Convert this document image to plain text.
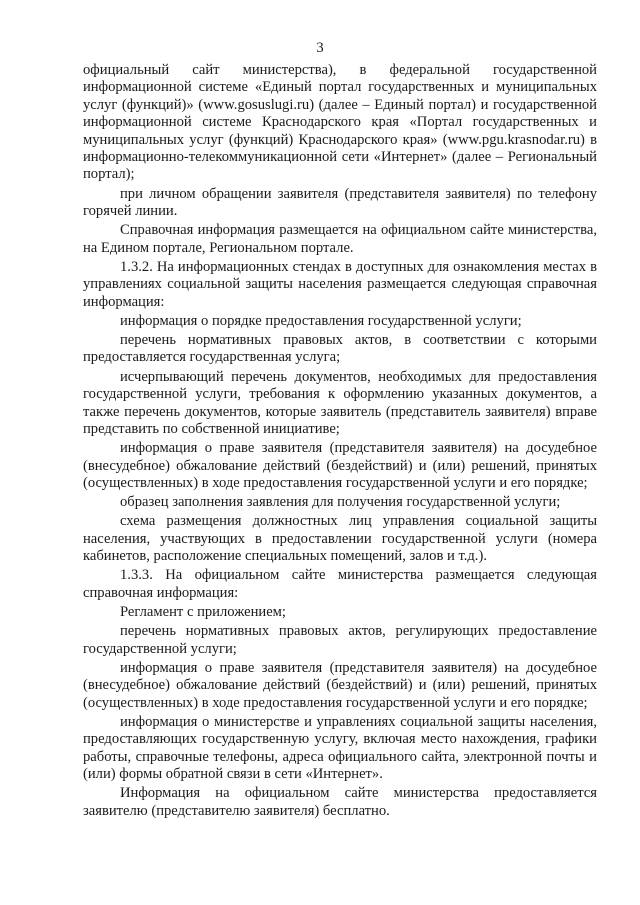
3

официальный сайт министерства), в федеральной государственной информационной системе «Единый портал государственных и муниципальных услуг (функций)» (www.gosuslugi.ru) (далее – Единый портал) и государственной информационной системе Краснодарского края «Портал государственных и муниципальных услуг (функций) Краснодарского края» (www.pgu.krasnodar.ru) в информационно-телекоммуникационной сети «Интернет» (далее – Региональный портал);

при личном обращении заявителя (представителя заявителя) по телефону горячей линии.

Справочная информация размещается на официальном сайте министерства, на Едином портале, Региональном портале.

1.3.2. На информационных стендах в доступных для ознакомления местах в управлениях социальной защиты населения размещается следующая справочная информация:

информация о порядке предоставления государственной услуги;

перечень нормативных правовых актов, в соответствии с которыми предоставляется государственная услуга;

исчерпывающий перечень документов, необходимых для предоставления государственной услуги, требования к оформлению указанных документов, а также перечень документов, которые заявитель (представитель заявителя) вправе представить по собственной инициативе;

информация о праве заявителя (представителя заявителя) на досудебное (внесудебное) обжалование действий (бездействий) и (или) решений, принятых (осуществленных) в ходе предоставления государственной услуги и его порядке;

образец заполнения заявления для получения государственной услуги;

схема размещения должностных лиц управления социальной защиты населения, участвующих в предоставлении государственной услуги (номера кабинетов, расположение специальных помещений, залов и т.д.).

1.3.3. На официальном сайте министерства размещается следующая справочная информация:

Регламент с приложением;

перечень нормативных правовых актов, регулирующих предоставление государственной услуги;

информация о праве заявителя (представителя заявителя) на досудебное (внесудебное) обжалование действий (бездействий) и (или) решений, принятых (осуществленных) в ходе предоставления государственной услуги и его порядке;

информация о министерстве и управлениях социальной защиты населения, предоставляющих государственную услугу, включая место нахождения, графики работы, справочные телефоны, адреса официального сайта, электронной почты и (или) формы обратной связи в сети «Интернет».

Информация на официальном сайте министерства предоставляется заявителю (представителю заявителя) бесплатно.
